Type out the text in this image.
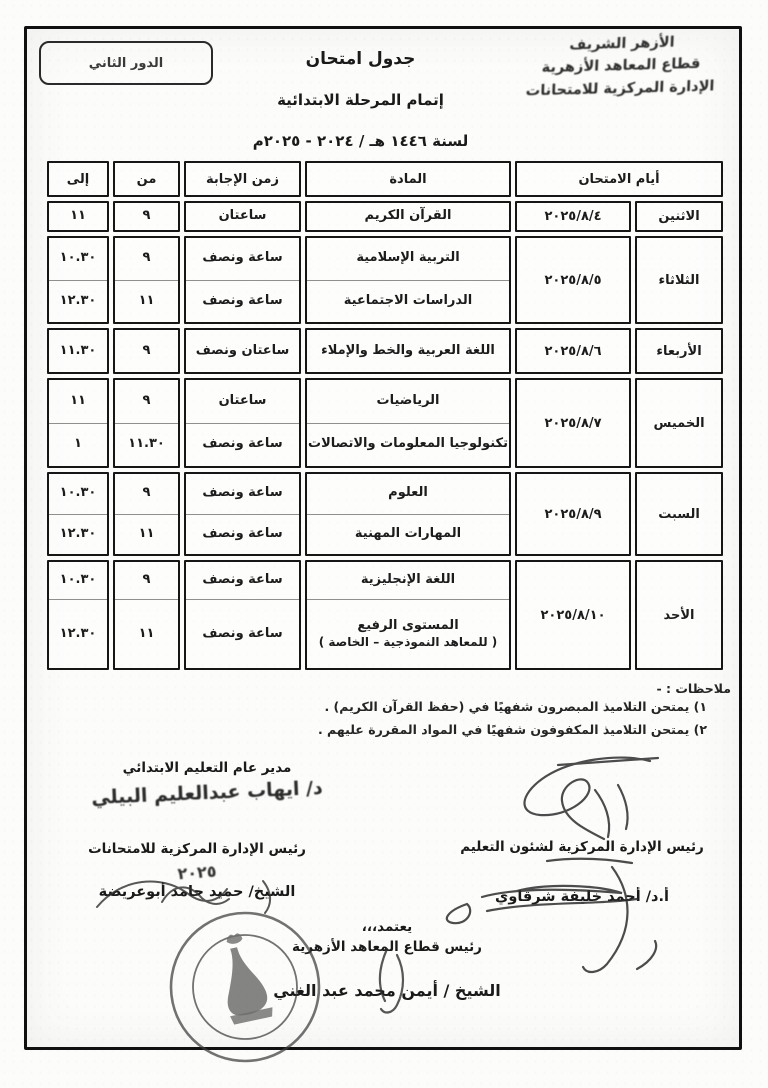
الدور الثاني
الأزهر الشريف
قطاع المعاهد الأزهرية
الإدارة المركزية للامتحانات
جدول امتحان
إتمام المرحلة الابتدائية
لسنة ١٤٤٦ هـ / ٢٠٢٤ - ٢٠٢٥م
أيام الامتحان
المادة
زمن الإجابة
من
إلى
الاثنين
٢٠٢٥/٨/٤
القرآن الكريم
ساعتان
٩
١١
الثلاثاء
٢٠٢٥/٨/٥
التربية الإسلامية
الدراسات الاجتماعية
ساعة ونصف
ساعة ونصف
٩
١١
١٠.٣٠
١٢.٣٠
الأربعاء
٢٠٢٥/٨/٦
اللغة العربية والخط والإملاء
ساعتان ونصف
٩
١١.٣٠
الخميس
٢٠٢٥/٨/٧
الرياضيات
تكنولوجيا المعلومات والاتصالات
ساعتان
ساعة ونصف
٩
١١.٣٠
١١
١
السبت
٢٠٢٥/٨/٩
العلوم
المهارات المهنية
ساعة ونصف
ساعة ونصف
٩
١١
١٠.٣٠
١٢.٣٠
الأحد
٢٠٢٥/٨/١٠
اللغة الإنجليزية
المستوى الرفيع
( للمعاهد النموذجية – الخاصة )
ساعة ونصف
ساعة ونصف
٩
١١
١٠.٣٠
١٢.٣٠
ملاحظات : -
١) يمتحن التلاميذ المبصرون شفهيًا في (حفظ القرآن الكريم) .
٢) يمتحن التلاميذ المكفوفون شفهيًا في المواد المقررة عليهم .
مدير عام التعليم الابتدائي
د/ ايهاب عبدالعليم البيلي
رئيس الإدارة المركزية لشئون التعليم
أ.د/ أحمد خليفة شرقاوي
رئيس الإدارة المركزية للامتحانات
٢٠٢٥
الشيخ/ حميد حامد أبوعريضة
يعتمد،،،
رئيس قطاع المعاهد الأزهرية
الشيخ / أيمن محمد عبد الغني
